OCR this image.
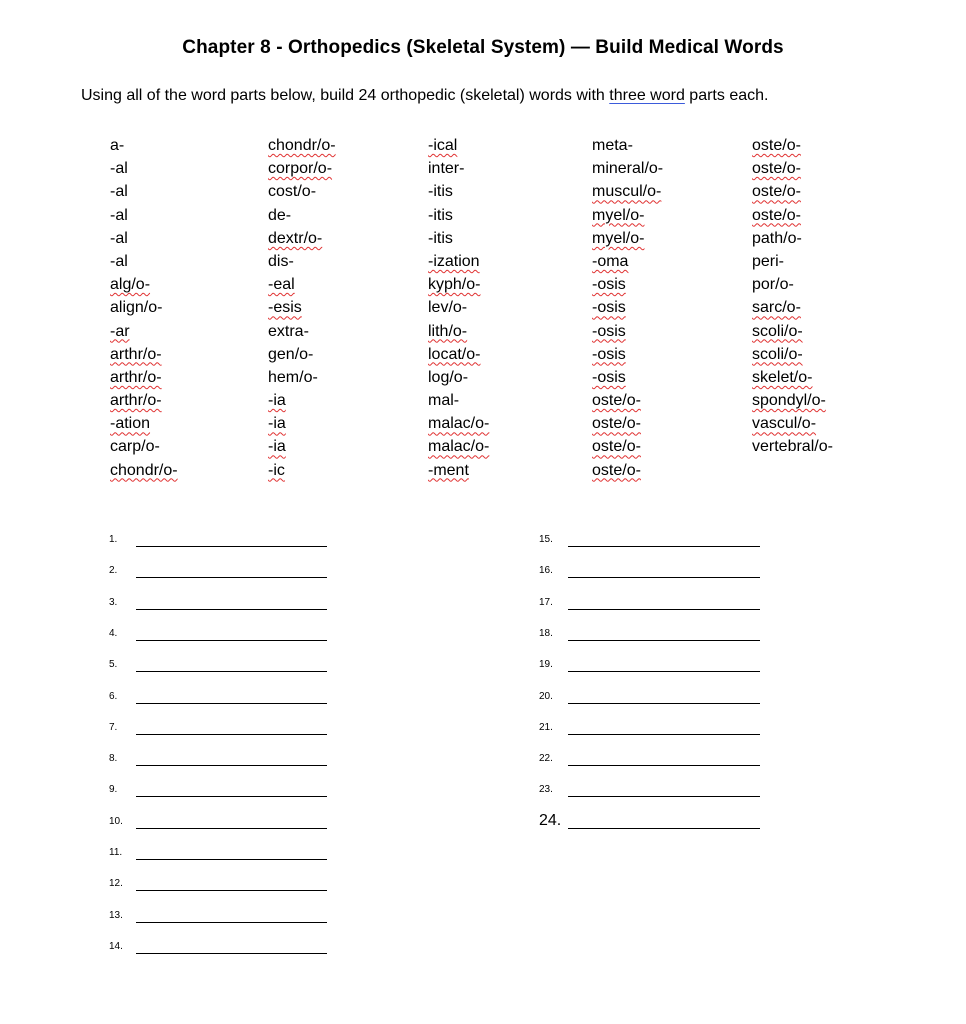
Chapter 8 - Orthopedics (Skeletal System) — Build Medical Words
Using all of the word parts below, build 24 orthopedic (skeletal) words with three word parts each.
a-
-al
-al
-al
-al
-al
alg/o-
align/o-
-ar
arthr/o-
arthr/o-
arthr/o-
-ation
carp/o-
chondr/o-
chondr/o-
corpor/o-
cost/o-
de-
dextr/o-
dis-
-eal
-esis
extra-
gen/o-
hem/o-
-ia
-ia
-ia
-ic
-ical
inter-
-itis
-itis
-itis
-ization
kyph/o-
lev/o-
lith/o-
locat/o-
log/o-
mal-
malac/o-
malac/o-
-ment
meta-
mineral/o-
muscul/o-
myel/o-
myel/o-
-oma
-osis
-osis
-osis
-osis
-osis
oste/o-
oste/o-
oste/o-
oste/o-
oste/o-
oste/o-
oste/o-
oste/o-
path/o-
peri-
por/o-
sarc/o-
scoli/o-
scoli/o-
skelet/o-
spondyl/o-
vascul/o-
vertebral/o-
1.
2.
3.
4.
5.
6.
7.
8.
9.
10.
11.
12.
13.
14.
15.
16.
17.
18.
19.
20.
21.
22.
23.
24.
